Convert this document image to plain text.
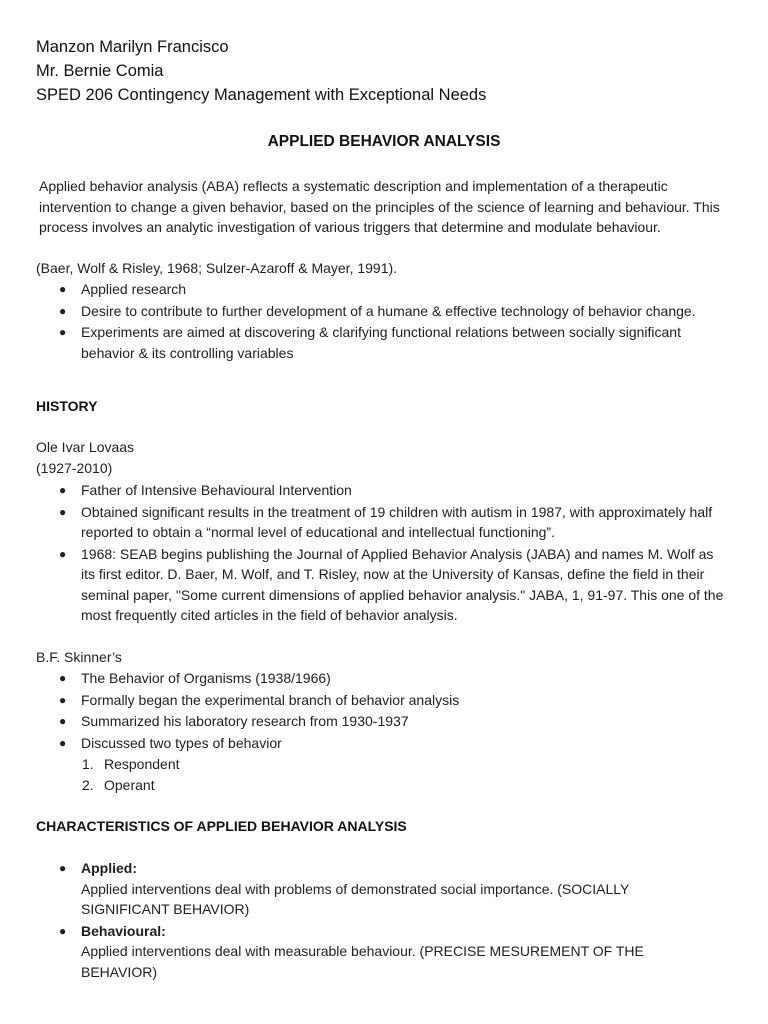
Manzon Marilyn Francisco
Mr. Bernie Comia
SPED 206 Contingency Management with Exceptional Needs
APPLIED BEHAVIOR ANALYSIS
Applied behavior analysis (ABA) reflects a systematic description and implementation of a therapeutic intervention to change a given behavior, based on the principles of the science of learning and behaviour. This process involves an analytic investigation of various triggers that determine and modulate behaviour.
(Baer, Wolf & Risley, 1968; Sulzer-Azaroff & Mayer, 1991).
● Applied research
● Desire to contribute to further development of a humane & effective technology of behavior change.
● Experiments are aimed at discovering & clarifying functional relations between socially significant behavior & its controlling variables
HISTORY
Ole Ivar Lovaas
(1927-2010)
● Father of Intensive Behavioural Intervention
● Obtained significant results in the treatment of 19 children with autism in 1987, with approximately half reported to obtain a “normal level of educational and intellectual functioning”.
● 1968: SEAB begins publishing the Journal of Applied Behavior Analysis (JABA) and names M. Wolf as its first editor. D. Baer, M. Wolf, and T. Risley, now at the University of Kansas, define the field in their seminal paper, "Some current dimensions of applied behavior analysis." JABA, 1, 91-97. This one of the most frequently cited articles in the field of behavior analysis.
B.F. Skinner’s
● The Behavior of Organisms (1938/1966)
● Formally began the experimental branch of behavior analysis
● Summarized his laboratory research from 1930-1937
● Discussed two types of behavior
1. Respondent
2. Operant
CHARACTERISTICS OF APPLIED BEHAVIOR ANALYSIS
● Applied:
Applied interventions deal with problems of demonstrated social importance. (SOCIALLY SIGNIFICANT BEHAVIOR)
● Behavioural:
Applied interventions deal with measurable behaviour. (PRECISE MESUREMENT OF THE BEHAVIOR)
